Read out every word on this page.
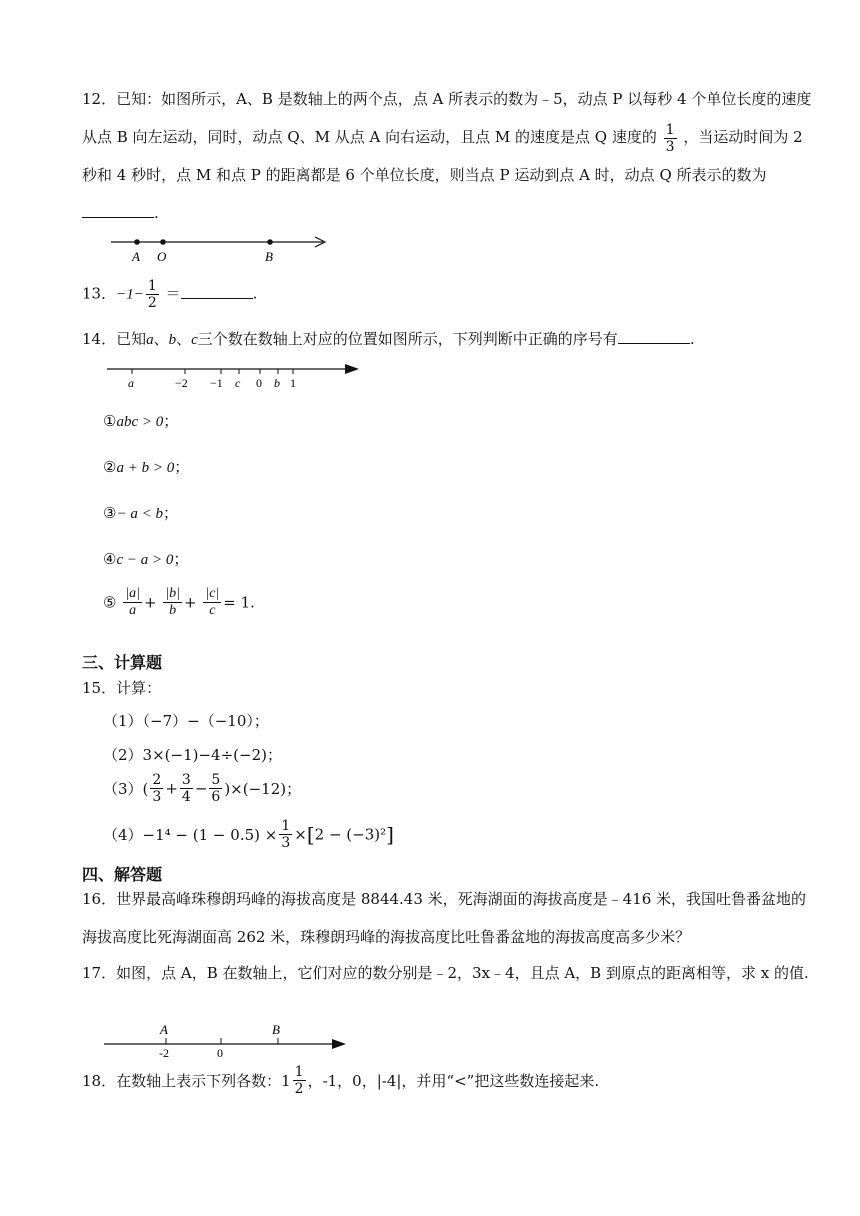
12．已知：如图所示，A、B 是数轴上的两个点，点 A 所表示的数为﹣5，动点 P 以每秒 4 个单位长度的速度从点 B 向左运动，同时，动点 Q、M 从点 A 向右运动，且点 M 的速度是点 Q 速度的 $\frac{1}{3}$ ，当运动时间为 2 秒和 4 秒时，点 M 和点 P 的距离都是 6 个单位长度，则当点 P 运动到点 A 时，动点 Q 所表示的数为.
A O	B
13．$-1- \frac{1}{2}$ ＝	.
14．已知a、b、c三个数在数轴上对应的位置如图所示，下列判断中正确的序号有	.
a	−2 −1 c 0 b 1
①abc > 0；
②a + b > 0；
③− a < b；
④c − a > 0；
⑤ $\frac{|a|}{a} + \frac{|b|}{b} + \frac{|c|}{c} = 1$.
三、计算题
15．计算：
（1）（−7）−（−10）；
（2）3×(−1)−4÷(−2)；
$(3)( \frac{2}{3} + \frac{3}{4} - \frac{5}{6} )\times(-12)$；
$(4)-1^4 - (1 - 0.5) \times \frac{1}{3} \times[2 - (-3)^2]$
四、解答题
16．世界最高峰珠穆朗玛峰的海拔高度是 8844.43 米，死海湖面的海拔高度是﹣416 米，我国吐鲁番盆地的海拔高度比死海湖面高 262 米，珠穆朗玛峰的海拔高度比吐鲁番盆地的海拔高度高多少米？
17．如图，点 A，B 在数轴上，它们对应的数分别是﹣2，3x﹣4，且点 A，B 到原点的距离相等，求 x 的值.
A	B
-2	0
18．在数轴上表示下列各数：$1 \frac{1}{2}$ ，-1，0，|-4|，并用“<”把这些数连接起来.
